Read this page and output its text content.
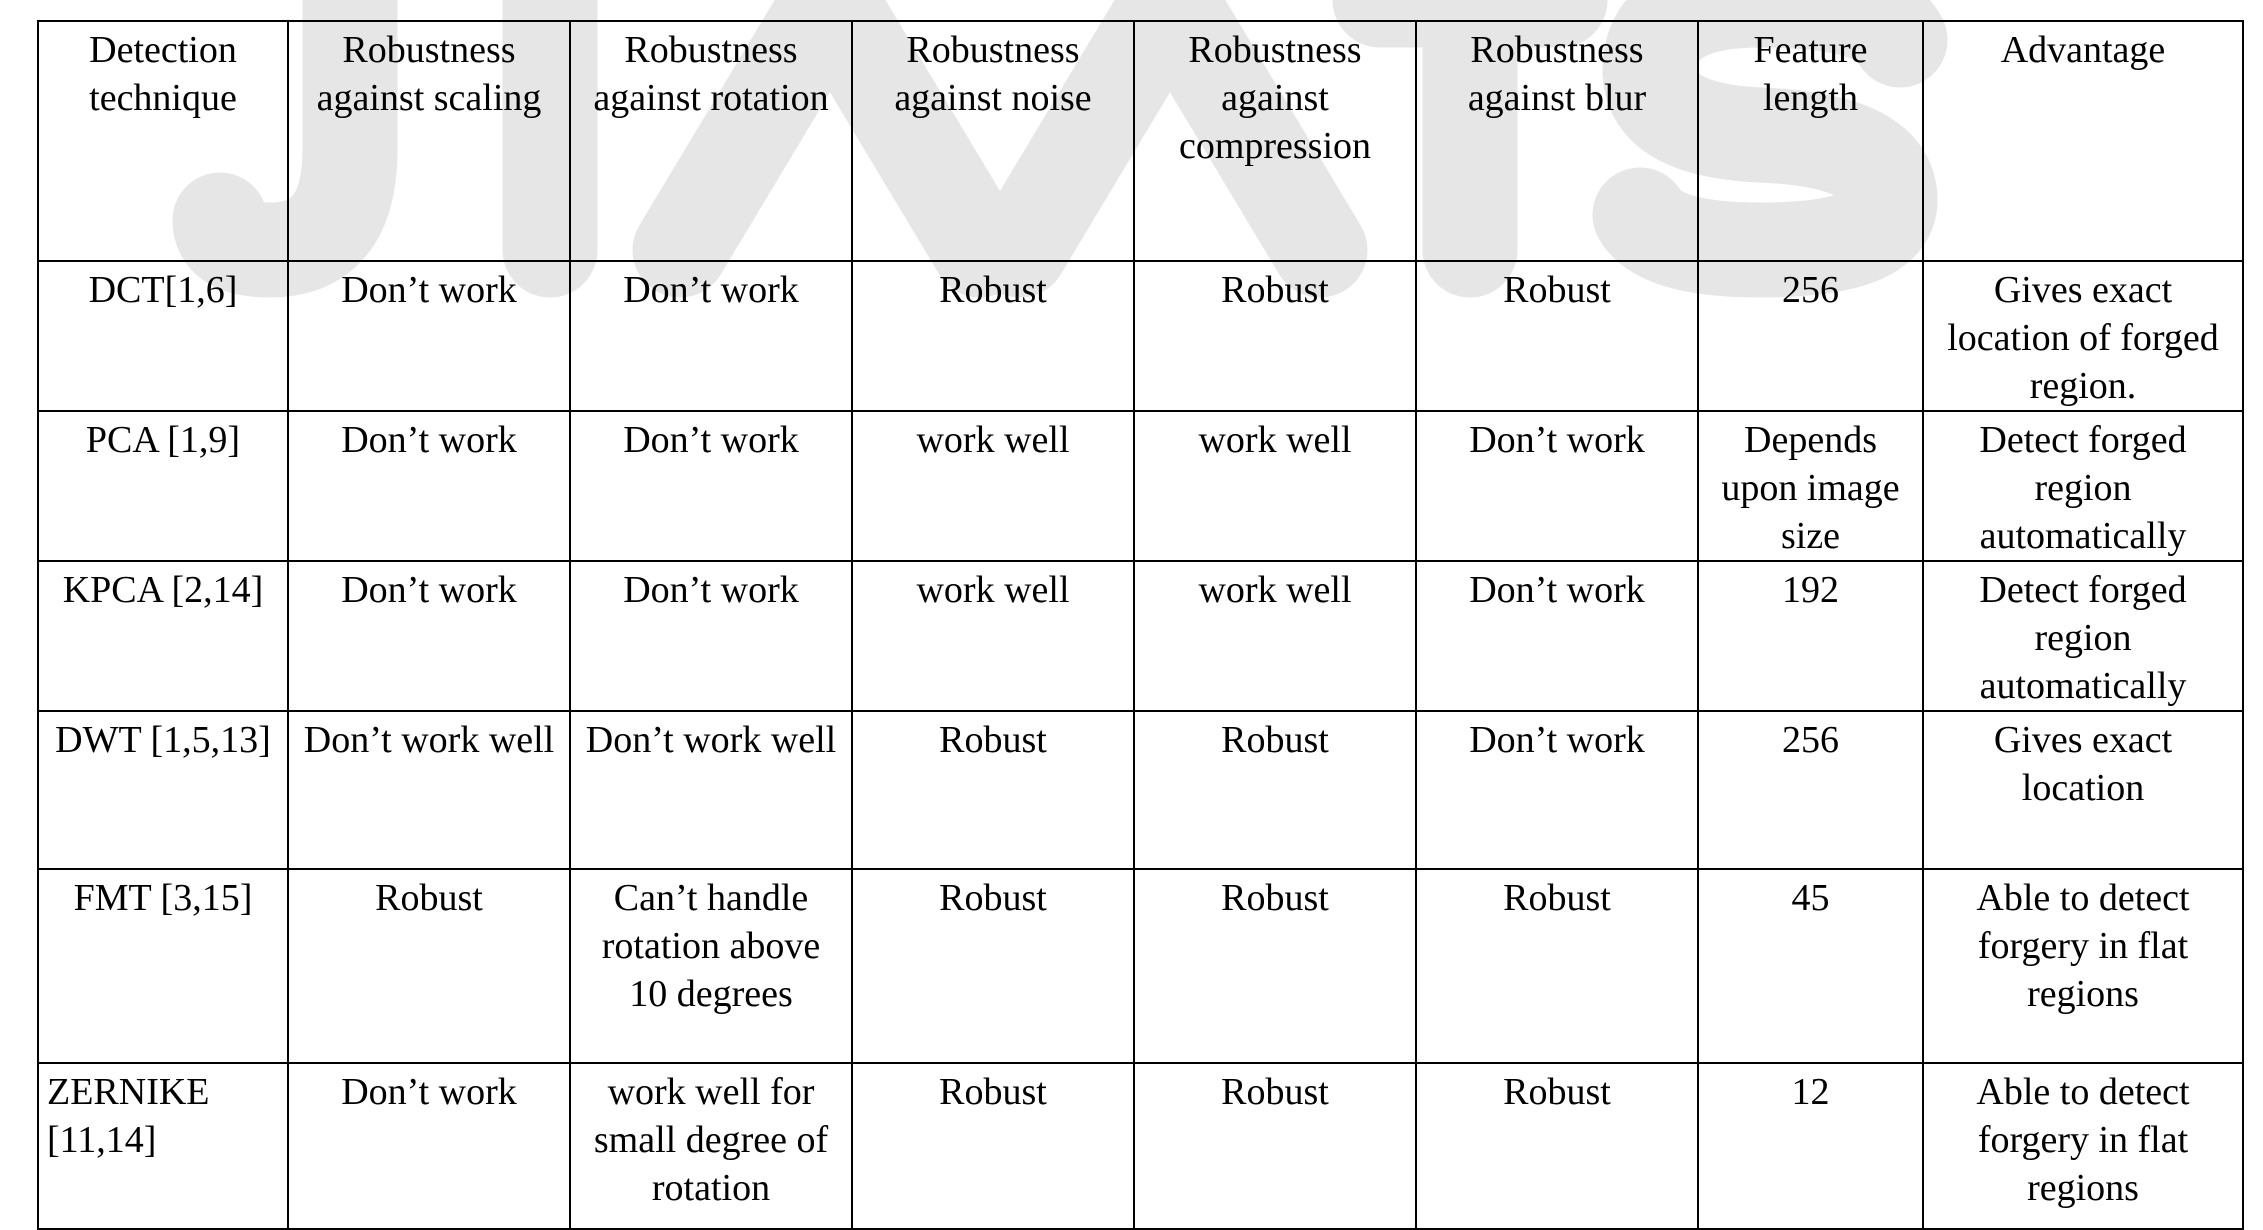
Detection technique	Robustness against scaling	Robustness against rotation	Robustness against noise	Robustness against compression	Robustness against blur	Feature length	Advantage
DCT[1,6]	Don’t work	Don’t work	Robust	Robust	Robust	256	Gives exact location of forged region.
PCA [1,9]	Don’t work	Don’t work	work well	work well	Don’t work	Depends upon image size	Detect forged region automatically
KPCA [2,14]	Don’t work	Don’t work	work well	work well	Don’t work	192	Detect forged region automatically
DWT [1,5,13]	Don’t work well	Don’t work well	Robust	Robust	Don’t work	256	Gives exact location
FMT [3,15]	Robust	Can’t handle rotation above 10 degrees	Robust	Robust	Robust	45	Able to detect forgery in flat regions
ZERNIKE [11,14]	Don’t work	work well for small degree of rotation	Robust	Robust	Robust	12	Able to detect forgery in flat regions
